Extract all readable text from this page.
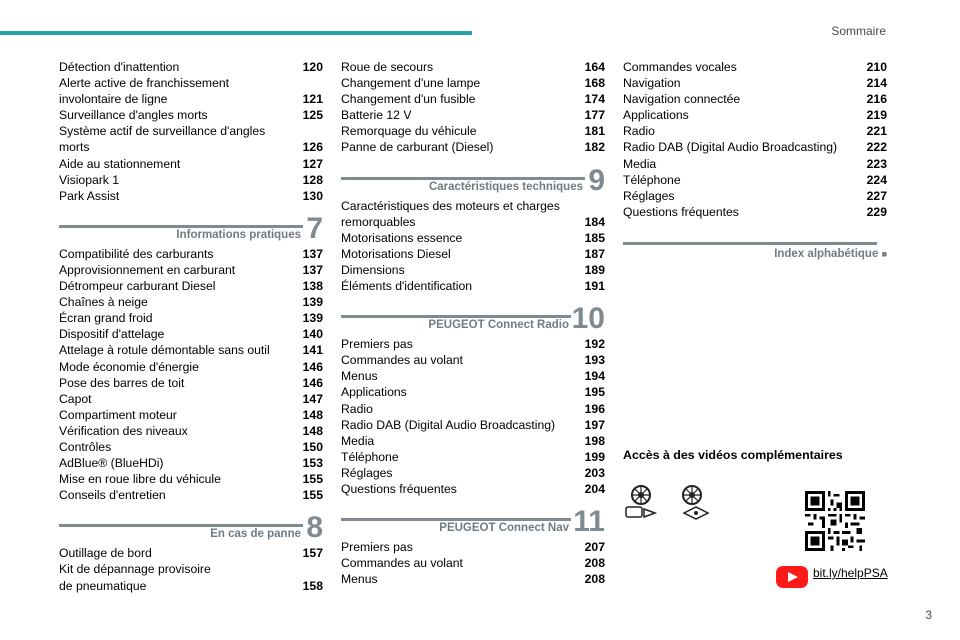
Sommaire
Détection d'inattention	120
Alerte active de franchissement
involontaire de ligne	121
Surveillance d'angles morts	125
Système actif de surveillance d'angles
morts	126
Aide au stationnement	127
Visiopark 1	128
Park Assist	130
Informations pratiques 7
Compatibilité des carburants	137
Approvisionnement en carburant	137
Détrompeur carburant Diesel	138
Chaînes à neige	139
Écran grand froid	139
Dispositif d'attelage	140
Attelage à rotule démontable sans outil	141
Mode économie d'énergie	146
Pose des barres de toit	146
Capot	147
Compartiment moteur	148
Vérification des niveaux	148
Contrôles	150
AdBlue® (BlueHDi)	153
Mise en roue libre du véhicule	155
Conseils d'entretien	155
En cas de panne 8
Outillage de bord	157
Kit de dépannage provisoire
de pneumatique	158
Roue de secours	164
Changement d'une lampe	168
Changement d'un fusible	174
Batterie 12 V	177
Remorquage du véhicule	181
Panne de carburant (Diesel)	182
Caractéristiques techniques 9
Caractéristiques des moteurs et charges
remorquables	184
Motorisations essence	185
Motorisations Diesel	187
Dimensions	189
Éléments d'identification	191
PEUGEOT Connect Radio 10
Premiers pas	192
Commandes au volant	193
Menus	194
Applications	195
Radio	196
Radio DAB (Digital Audio Broadcasting)	197
Media	198
Téléphone	199
Réglages	203
Questions fréquentes	204
PEUGEOT Connect Nav 11
Premiers pas	207
Commandes au volant	208
Menus	208
Commandes vocales	210
Navigation	214
Navigation connectée	216
Applications	219
Radio	221
Radio DAB (Digital Audio Broadcasting)	222
Media	223
Téléphone	224
Réglages	227
Questions fréquentes	229
Index alphabétique ■
Accès à des vidéos complémentaires
bit.ly/helpPSA
3
